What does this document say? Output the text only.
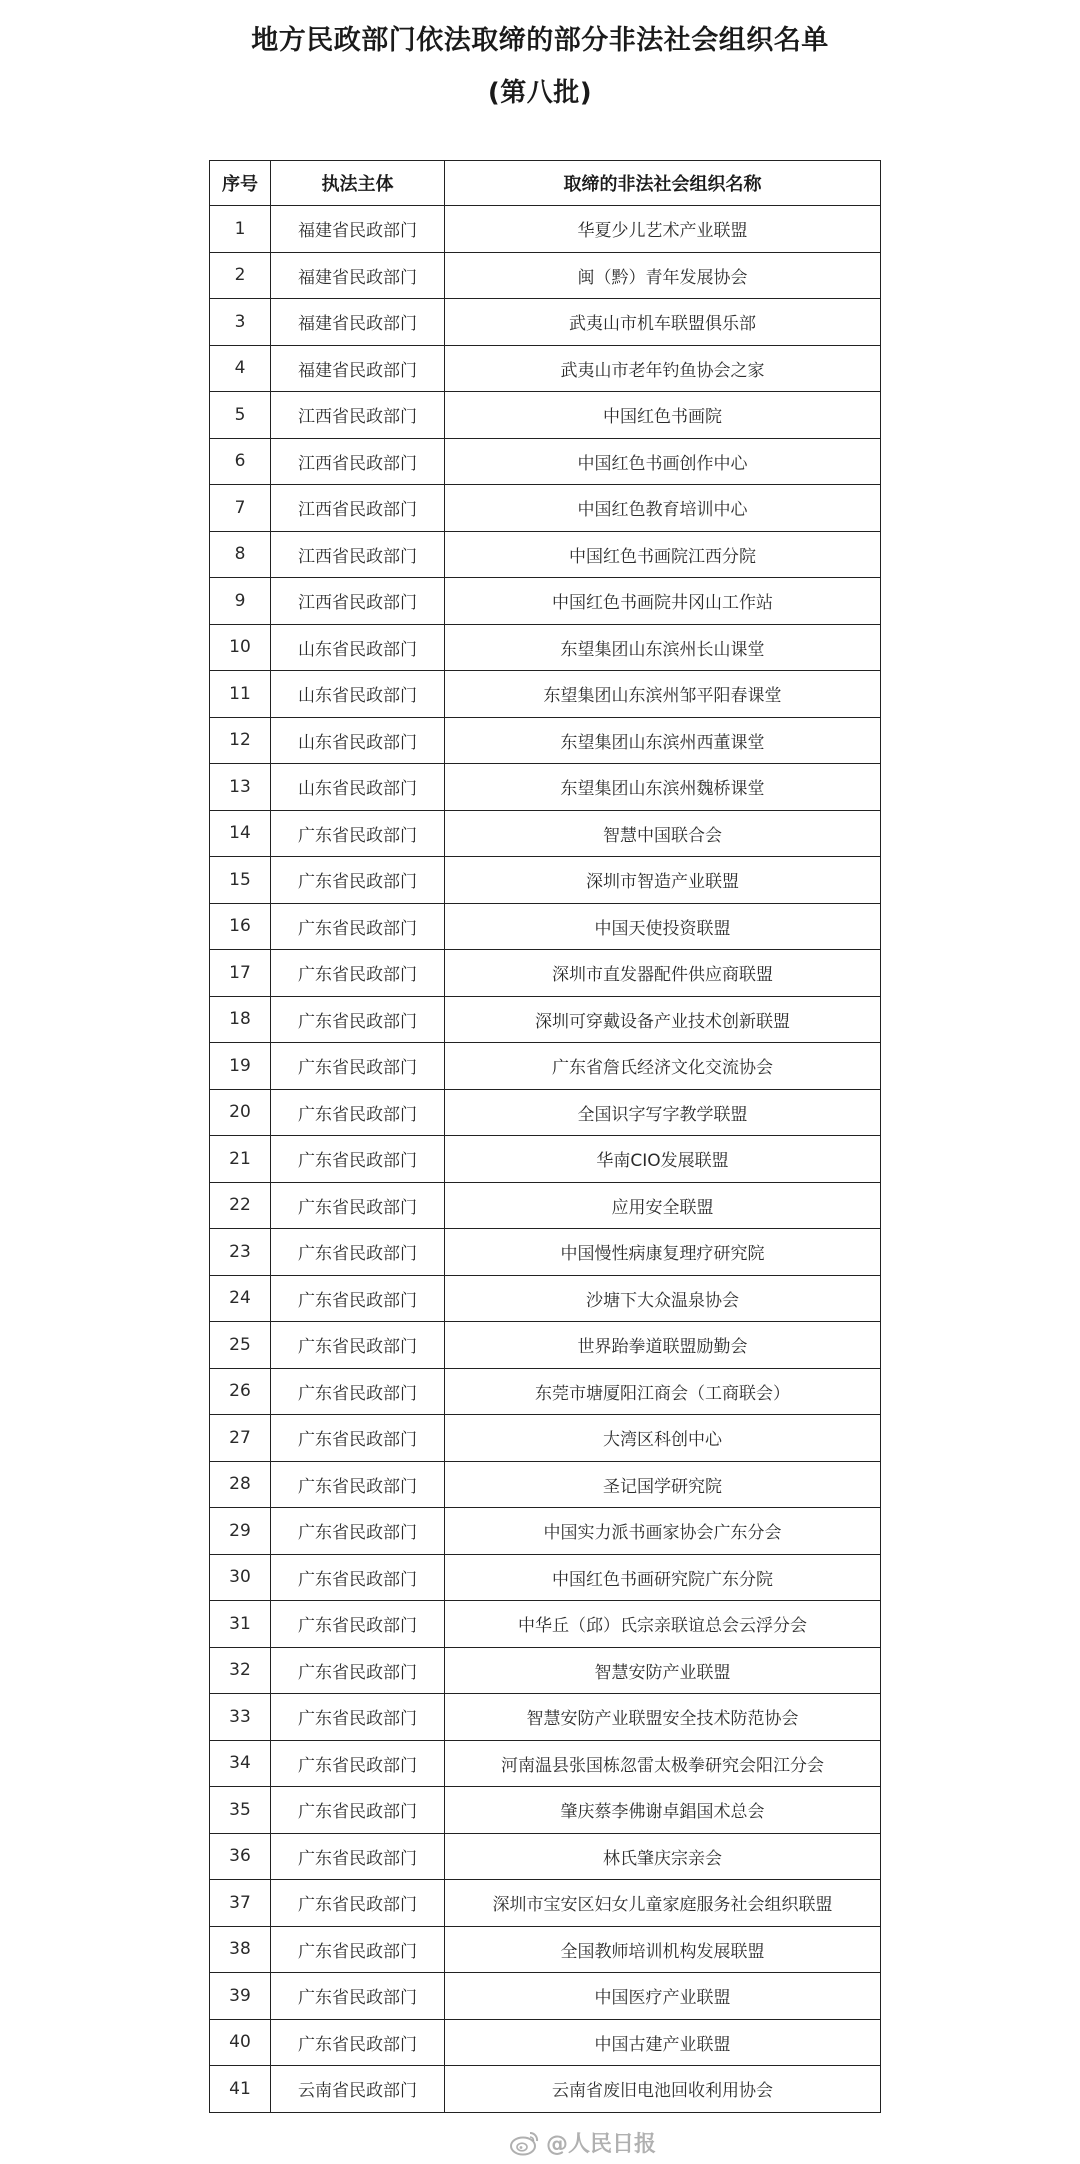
地方民政部门依法取缔的部分非法社会组织名单
(第八批)
序号	执法主体	取缔的非法社会组织名称
1	福建省民政部门	华夏少儿艺术产业联盟
2	福建省民政部门	闽（黔）青年发展协会
3	福建省民政部门	武夷山市机车联盟俱乐部
4	福建省民政部门	武夷山市老年钓鱼协会之家
5	江西省民政部门	中国红色书画院
6	江西省民政部门	中国红色书画创作中心
7	江西省民政部门	中国红色教育培训中心
8	江西省民政部门	中国红色书画院江西分院
9	江西省民政部门	中国红色书画院井冈山工作站
10	山东省民政部门	东望集团山东滨州长山课堂
11	山东省民政部门	东望集团山东滨州邹平阳春课堂
12	山东省民政部门	东望集团山东滨州西董课堂
13	山东省民政部门	东望集团山东滨州魏桥课堂
14	广东省民政部门	智慧中国联合会
15	广东省民政部门	深圳市智造产业联盟
16	广东省民政部门	中国天使投资联盟
17	广东省民政部门	深圳市直发器配件供应商联盟
18	广东省民政部门	深圳可穿戴设备产业技术创新联盟
19	广东省民政部门	广东省詹氏经济文化交流协会
20	广东省民政部门	全国识字写字教学联盟
21	广东省民政部门	华南CIO发展联盟
22	广东省民政部门	应用安全联盟
23	广东省民政部门	中国慢性病康复理疗研究院
24	广东省民政部门	沙塘下大众温泉协会
25	广东省民政部门	世界跆拳道联盟励勤会
26	广东省民政部门	东莞市塘厦阳江商会（工商联会）
27	广东省民政部门	大湾区科创中心
28	广东省民政部门	圣记国学研究院
29	广东省民政部门	中国实力派书画家协会广东分会
30	广东省民政部门	中国红色书画研究院广东分院
31	广东省民政部门	中华丘（邱）氏宗亲联谊总会云浮分会
32	广东省民政部门	智慧安防产业联盟
33	广东省民政部门	智慧安防产业联盟安全技术防范协会
34	广东省民政部门	河南温县张国栋忽雷太极拳研究会阳江分会
35	广东省民政部门	肇庆蔡李佛谢卓錩国术总会
36	广东省民政部门	林氏肇庆宗亲会
37	广东省民政部门	深圳市宝安区妇女儿童家庭服务社会组织联盟
38	广东省民政部门	全国教师培训机构发展联盟
39	广东省民政部门	中国医疗产业联盟
40	广东省民政部门	中国古建产业联盟
41	云南省民政部门	云南省废旧电池回收利用协会
@人民日报
